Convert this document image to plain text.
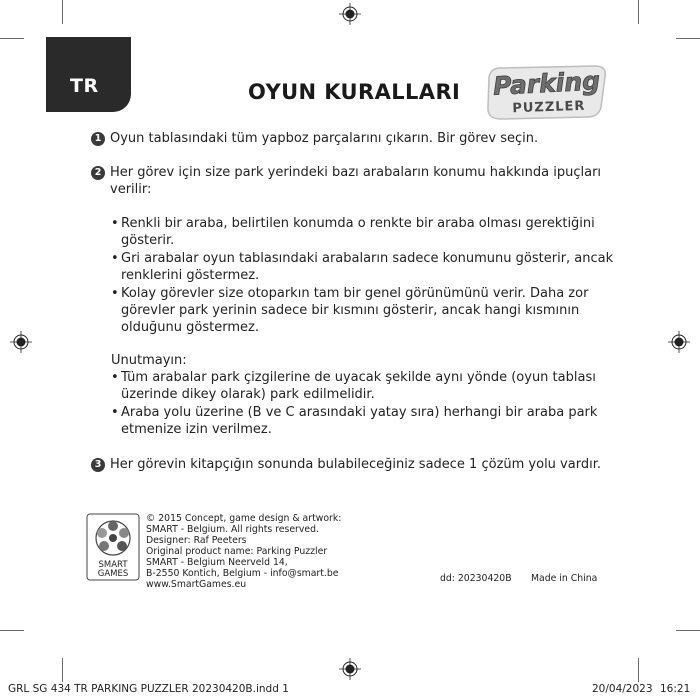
TR	OYUN KURALLARI Parking
PUZZLER
1 Oyun tablasındaki tüm yapboz parçalarını çıkarın. Bir görev seçin.
2 Her görev için size park yerindeki bazı arabaların konumu hakkında ipuçları
verilir:
• Renkli bir araba, belirtilen konumda o renkte bir araba olması gerektiğini
gösterir.
• Gri arabalar oyun tablasındaki arabaların sadece konumunu gösterir, ancak
renklerini göstermez.
• Kolay görevler size otoparkın tam bir genel görünümünü verir. Daha zor
görevler park yerinin sadece bir kısmını gösterir, ancak hangi kısmının
olduğunu göstermez.
Unutmayın:
• Tüm arabalar park çizgilerine de uyacak şekilde aynı yönde (oyun tablası
üzerinde dikey olarak) park edilmelidir.
• Araba yolu üzerine (B ve C arasındaki yatay sıra) herhangi bir araba park
etmenize izin verilmez.
3 Her görevin kitapçığın sonunda bulabileceğiniz sadece 1 çözüm yolu vardır.
SMART
GAMES
© 2015 Concept, game design & artwork:
SMART - Belgium. All rights reserved.
Designer: Raf Peeters
Original product name: Parking Puzzler
SMART - Belgium Neerveld 14,
B-2550 Kontich, Belgium - info@smart.be
www.SmartGames.eu
dd: 20230420B Made in China
GRL SG 434 TR PARKING PUZZLER 20230420B.indd 1	20/04/2023 16:21
